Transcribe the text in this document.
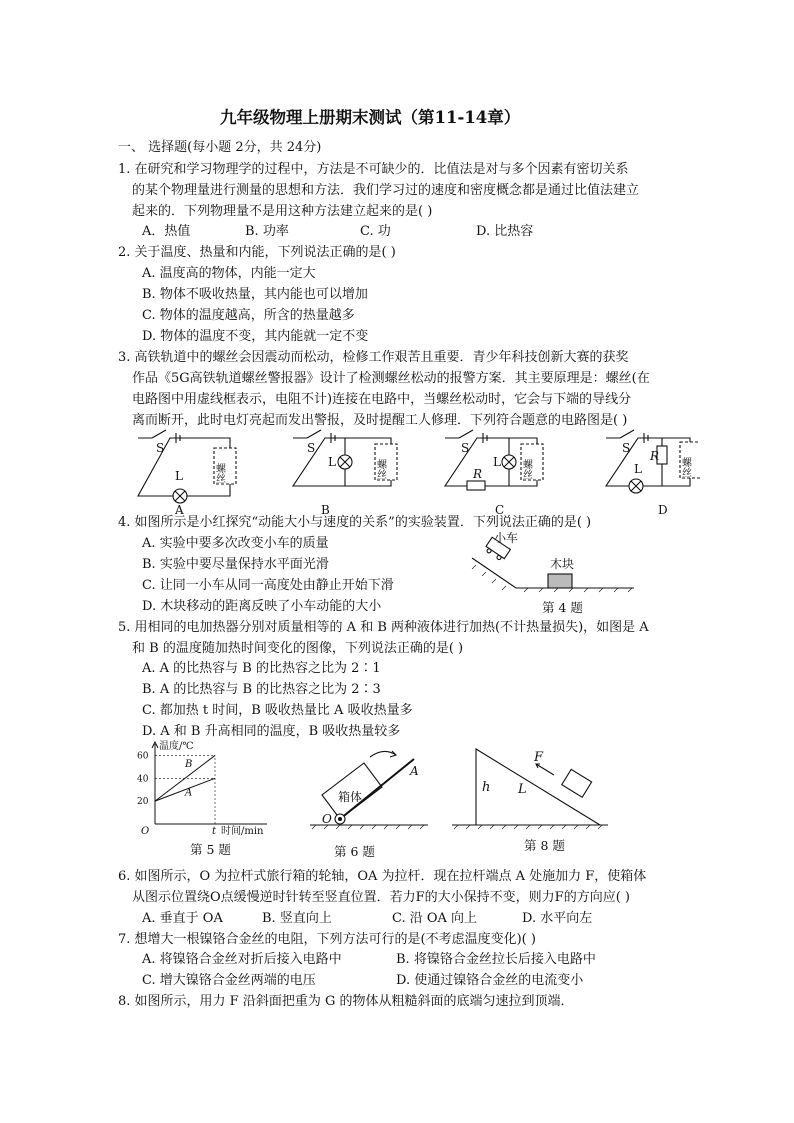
九年级物理上册期末测试（第11-14章）
一、 选择题(每小题 2分，共 24分)
1. 在研究和学习物理学的过程中，方法是不可缺少的．比值法是对与多个因素有密切关系
的某个物理量进行测量的思想和方法．我们学习过的速度和密度概念都是通过比值法建立
起来的．下列物理量不是用这种方法建立起来的是( )
A．热值	B. 功率	C. 功	D. 比热容
2. 关于温度、热量和内能，下列说法正确的是( )
A. 温度高的物体，内能一定大
B. 物体不吸收热量，其内能也可以增加
C. 物体的温度越高，所含的热量越多
D. 物体的温度不变，其内能就一定不变
3. 高铁轨道中的螺丝会因震动而松动，检修工作艰苦且重要．青少年科技创新大赛的获奖
作品《5G高铁轨道螺丝警报器》设计了检测螺丝松动的报警方案．其主要原理是：螺丝(在
电路图中用虚线框表示，电阻不计)连接在电路中，当螺丝松动时，它会与下端的导线分
离而断开，此时电灯亮起而发出警报，及时提醒工人修理．下列符合题意的电路图是( )
S
L	螺丝
A
S
L	螺丝
B
S
L
R	螺丝
C
S
L
R
螺丝
D
4. 如图所示是小红探究“动能大小与速度的关系”的实验装置．下列说法正确的是( )
A. 实验中要多次改变小车的质量
B. 实验中要尽量保持水平面光滑
C. 让同一小车从同一高度处由静止开始下滑
D. 木块移动的距离反映了小车动能的大小
小车
木块
第 4 题
5. 用相同的电加热器分别对质量相等的 A 和 B 两种液体进行加热(不计热量损失)，如图是 A
和 B 的温度随加热时间变化的图像，下列说法正确的是( )
A. A 的比热容与 B 的比热容之比为 2∶1
B. A 的比热容与 B 的比热容之比为 2∶3
C. 都加热 t 时间，B 吸收热量比 A 吸收热量多
D. A 和 B 升高相同的温度，B 吸收热量较多
温度/℃
时间/min
O
60
40
20
t
A
B
第 5 题
箱体
A
O
第 6 题
F
h L
第 8 题
6. 如图所示，O 为拉杆式旅行箱的轮轴，OA 为拉杆．现在拉杆端点 A 处施加力 F，使箱体
从图示位置绕O点缓慢逆时针转至竖直位置．若力F的大小保持不变，则力F的方向应( )
A. 垂直于 OA	B. 竖直向上	C. 沿 OA 向上	D. 水平向左
7. 想增大一根镍铬合金丝的电阻，下列方法可行的是(不考虑温度变化)( )
A. 将镍铬合金丝对折后接入电路中	B. 将镍铬合金丝拉长后接入电路中
C. 增大镍铬合金丝两端的电压	D. 使通过镍铬合金丝的电流变小
8. 如图所示，用力 F 沿斜面把重为 G 的物体从粗糙斜面的底端匀速拉到顶端．
